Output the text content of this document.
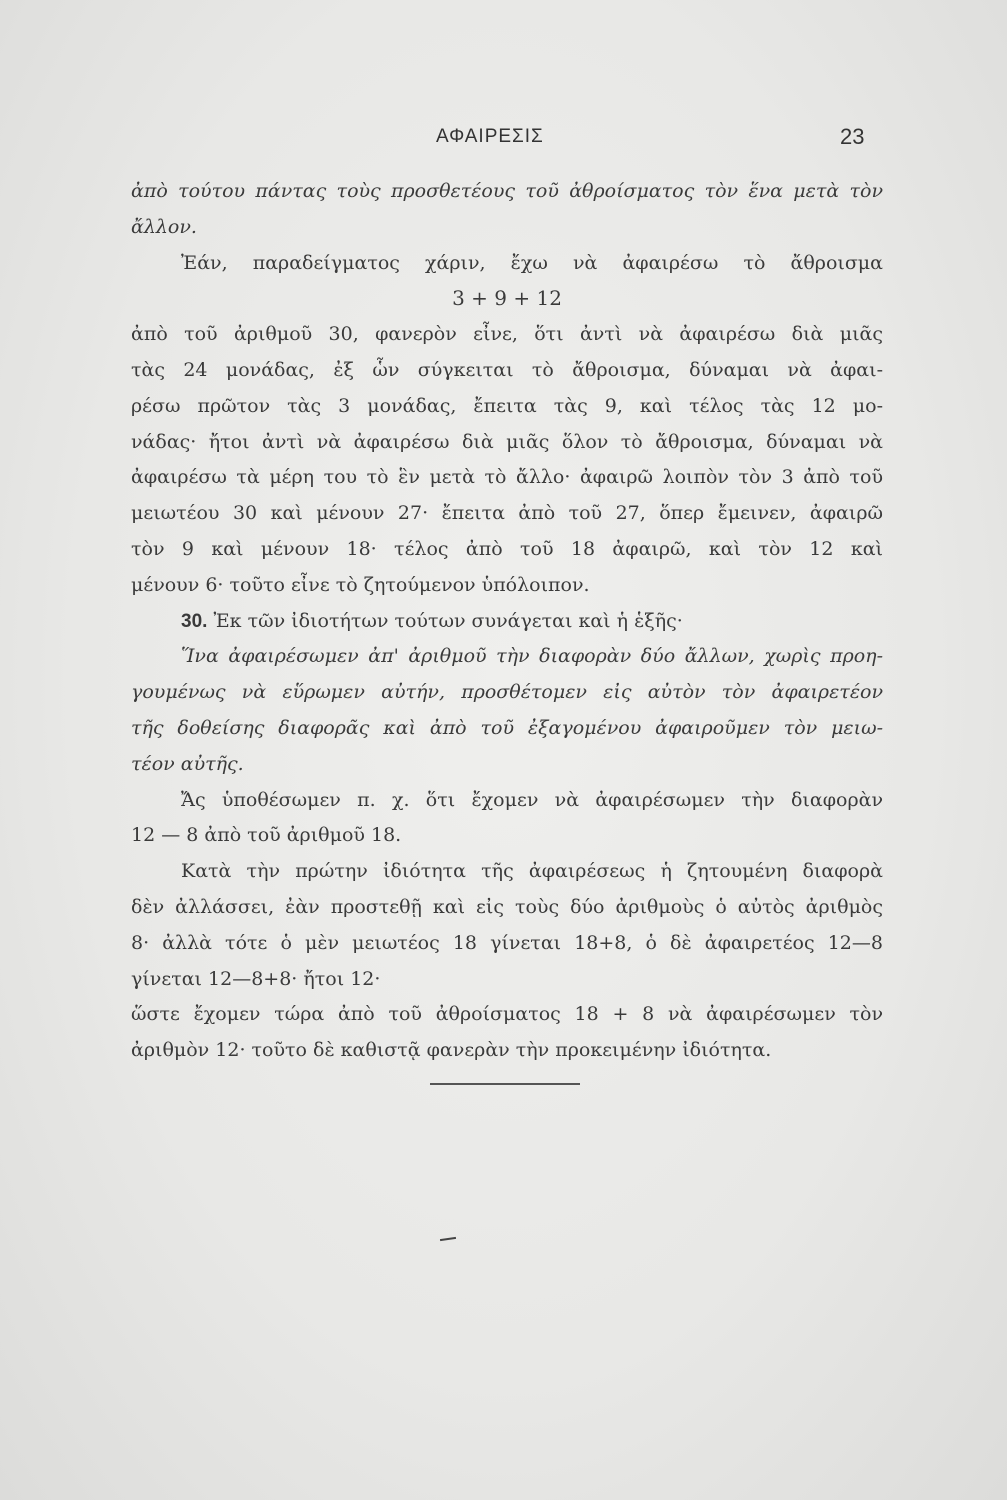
ΑΦΑΙΡΕΣΙΣ	23
ἀπὸ τούτου πάντας τοὺς προσθετέους τοῦ ἀθροίσματος τὸν ἕνα μετὰ τὸν
ἄλλον.
Ἐάν, παραδείγματος χάριν, ἔχω νὰ ἀφαιρέσω τὸ ἄθροισμα
3 + 9 + 12
ἀπὸ τοῦ ἀριθμοῦ 30, φανερὸν εἶνε, ὅτι ἀντὶ νὰ ἀφαιρέσω διὰ μιᾶς
τὰς 24 μονάδας, ἐξ ὧν σύγκειται τὸ ἄθροισμα, δύναμαι νὰ ἀφαι-
ρέσω πρῶτον τὰς 3 μονάδας, ἔπειτα τὰς 9, καὶ τέλος τὰς 12 μο-
νάδας· ἤτοι ἀντὶ νὰ ἀφαιρέσω διὰ μιᾶς ὅλον τὸ ἄθροισμα, δύναμαι νὰ
ἀφαιρέσω τὰ μέρη του τὸ ἓν μετὰ τὸ ἄλλο· ἀφαιρῶ λοιπὸν τὸν 3 ἀπὸ τοῦ
μειωτέου 30 καὶ μένουν 27· ἔπειτα ἀπὸ τοῦ 27, ὅπερ ἔμεινεν, ἀφαιρῶ
τὸν 9 καὶ μένουν 18· τέλος ἀπὸ τοῦ 18 ἀφαιρῶ, καὶ τὸν 12 καὶ
μένουν 6· τοῦτο εἶνε τὸ ζητούμενον ὑπόλοιπον.
30. Ἐκ τῶν ἰδιοτήτων τούτων συνάγεται καὶ ἡ ἑξῆς·
Ἵνα ἀφαιρέσωμεν ἀπ' ἀριθμοῦ τὴν διαφορὰν δύο ἄλλων, χωρὶς προη-
γουμένως νὰ εὕρωμεν αὐτήν, προσθέτομεν εἰς αὐτὸν τὸν ἀφαιρετέον
τῆς δοθείσης διαφορᾶς καὶ ἀπὸ τοῦ ἐξαγομένου ἀφαιροῦμεν τὸν μειω-
τέον αὐτῆς.
Ἄς ὑποθέσωμεν π. χ. ὅτι ἔχομεν νὰ ἀφαιρέσωμεν τὴν διαφορὰν
12 — 8 ἀπὸ τοῦ ἀριθμοῦ 18.
Κατὰ τὴν πρώτην ἰδιότητα τῆς ἀφαιρέσεως ἡ ζητουμένη διαφορὰ
δὲν ἀλλάσσει, ἐὰν προστεθῇ καὶ εἰς τοὺς δύο ἀριθμοὺς ὁ αὐτὸς ἀριθμὸς
8· ἀλλὰ τότε ὁ μὲν μειωτέος 18 γίνεται 18+8, ὁ δὲ ἀφαιρετέος 12—8
γίνεται 12—8+8· ἤτοι 12·
ὥστε ἔχομεν τώρα ἀπὸ τοῦ ἀθροίσματος 18 + 8 νὰ ἀφαιρέσωμεν τὸν
ἀριθμὸν 12· τοῦτο δὲ καθιστᾷ φανερὰν τὴν προκειμένην ἰδιότητα.
